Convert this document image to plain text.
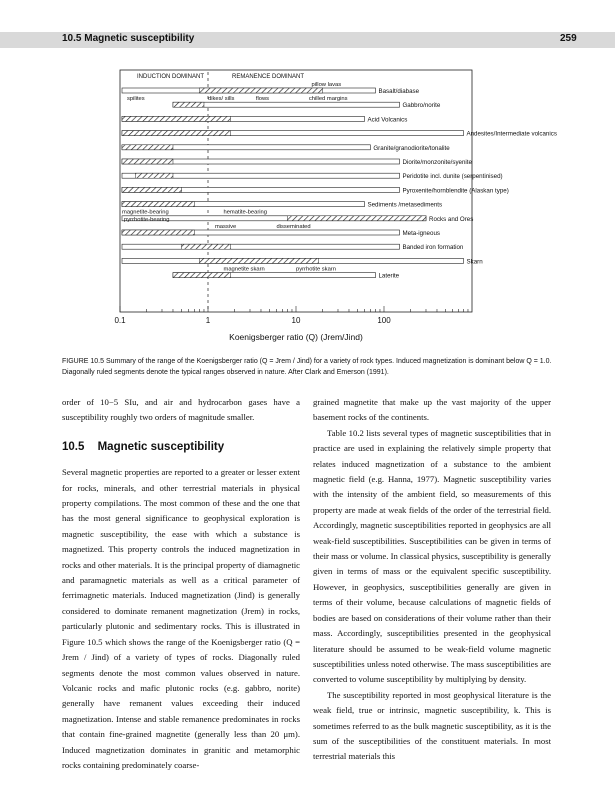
10.5 Magnetic susceptibility	259
INDUCTION DOMINANT	REMANENCE DOMINANT
Basalt/diabase
pillow lavas
spilites	dikes/ sills	flows	chilled margins
Gabbro/norite
Acid Volcanics
Andesites/Intermediate volcanics
Granite/granodiorite/tonalite
Diorite/monzonite/syenite
Peridotite incl. dunite (serpentinised)
Pyroxenite/hornblendite (Alaskan type)
Sediments /metasediments
magnetite-bearing	hematite-bearing
Rocks and Ores
pyrrhotite-bearing
massive	disseminated
Meta-igneous
Banded iron formation
Skarn
magnetite skarn	pyrrhotite skarn
Laterite
0.1	1	10	100
Koenigsberger ratio (Q) (Jrem/Jind)
FIGURE 10.5 Summary of the range of the Koenigsberger ratio (Q = Jrem / Jind) for a variety of rock types. Induced magnetization is dominant below Q = 1.0. Diagonally ruled segments denote the typical ranges observed in nature. After Clark and Emerson (1991).

order of 10−5 SIu, and air and hydrocarbon gases have a susceptibility roughly two orders of magnitude smaller.

10.5 Magnetic susceptibility

Several magnetic properties are reported to a greater or lesser extent for rocks, minerals, and other terrestrial materials in physical property compilations. The most common of these and the one that has the most general significance to geophysical exploration is magnetic susceptibility, the ease with which a substance is magnetized. This property controls the induced magnetization in rocks and other materials. It is the principal property of diamagnetic and paramagnetic materials as well as a critical parameter of ferrimagnetic materials. Induced magnetization (Jind) is generally considered to dominate remanent magnetization (Jrem) in rocks, particularly plutonic and sedimentary rocks. This is illustrated in Figure 10.5 which shows the range of the Koenigsberger ratio (Q = Jrem / Jind) of a variety of types of rocks. Diagonally ruled segments denote the most common values observed in nature. Volcanic rocks and mafic plutonic rocks (e.g. gabbro, norite) generally have remanent values exceeding their induced magnetization. Intense and stable remanence predominates in rocks that contain fine-grained magnetite (generally less than 20 μm). Induced magnetization dominates in granitic and metamorphic rocks containing predominately coarse-

grained magnetite that make up the vast majority of the upper basement rocks of the continents.

Table 10.2 lists several types of magnetic susceptibilities that in practice are used in explaining the relatively simple property that relates induced magnetization of a substance to the ambient magnetic field (e.g. Hanna, 1977). Magnetic susceptibility varies with the intensity of the ambient field, so measurements of this property are made at weak fields of the order of the terrestrial field. Accordingly, magnetic susceptibilities reported in geophysics are all weak-field susceptibilities. Susceptibilities can be given in terms of their mass or volume. In classical physics, susceptibility is generally given in terms of mass or the equivalent specific susceptibility. However, in geophysics, susceptibilities generally are given in terms of their volume, because calculations of magnetic fields of bodies are based on considerations of their volume rather than their mass. Accordingly, susceptibilities presented in the geophysical literature should be assumed to be weak-field volume magnetic susceptibilities unless noted otherwise. The mass susceptibilities are converted to volume susceptibility by multiplying by density.

The susceptibility reported in most geophysical literature is the weak field, true or intrinsic, magnetic susceptibility, k. This is sometimes referred to as the bulk magnetic susceptibility, as it is the sum of the susceptibilities of the constituent materials. In most terrestrial materials this
